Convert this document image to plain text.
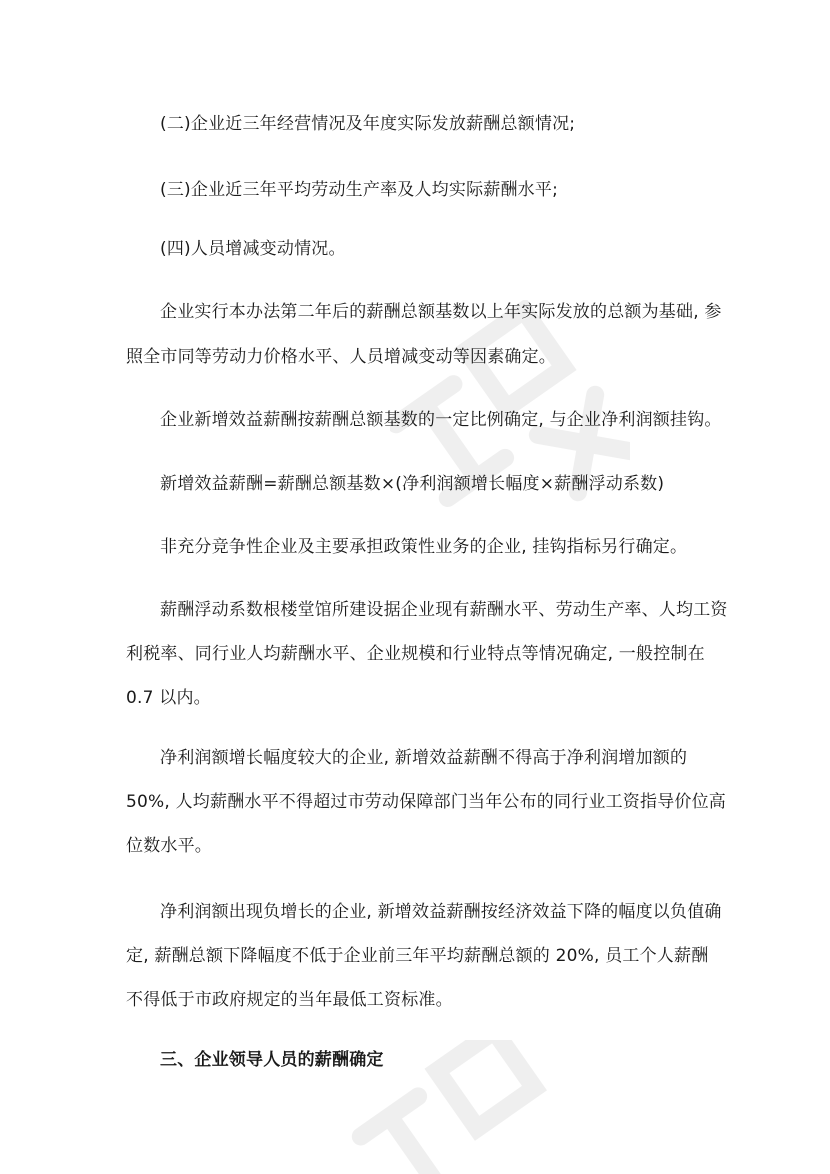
(二)企业近三年经营情况及年度实际发放薪酬总额情况;
(三)企业近三年平均劳动生产率及人均实际薪酬水平;
(四)人员增减变动情况。
企业实行本办法第二年后的薪酬总额基数以上年实际发放的总额为基础, 参
照全市同等劳动力价格水平、人员增减变动等因素确定。
企业新增效益薪酬按薪酬总额基数的一定比例确定, 与企业净利润额挂钩。
新增效益薪酬=薪酬总额基数×(净利润额增长幅度×薪酬浮动系数)
非充分竞争性企业及主要承担政策性业务的企业, 挂钩指标另行确定。
薪酬浮动系数根楼堂馆所建设据企业现有薪酬水平、劳动生产率、人均工资
利税率、同行业人均薪酬水平、企业规模和行业特点等情况确定, 一般控制在
0.7 以内。
净利润额增长幅度较大的企业, 新增效益薪酬不得高于净利润增加额的
50%, 人均薪酬水平不得超过市劳动保障部门当年公布的同行业工资指导价位高
位数水平。
净利润额出现负增长的企业, 新增效益薪酬按经济效益下降的幅度以负值确
定, 薪酬总额下降幅度不低于企业前三年平均薪酬总额的 20%, 员工个人薪酬
不得低于市政府规定的当年最低工资标准。
三、企业领导人员的薪酬确定
